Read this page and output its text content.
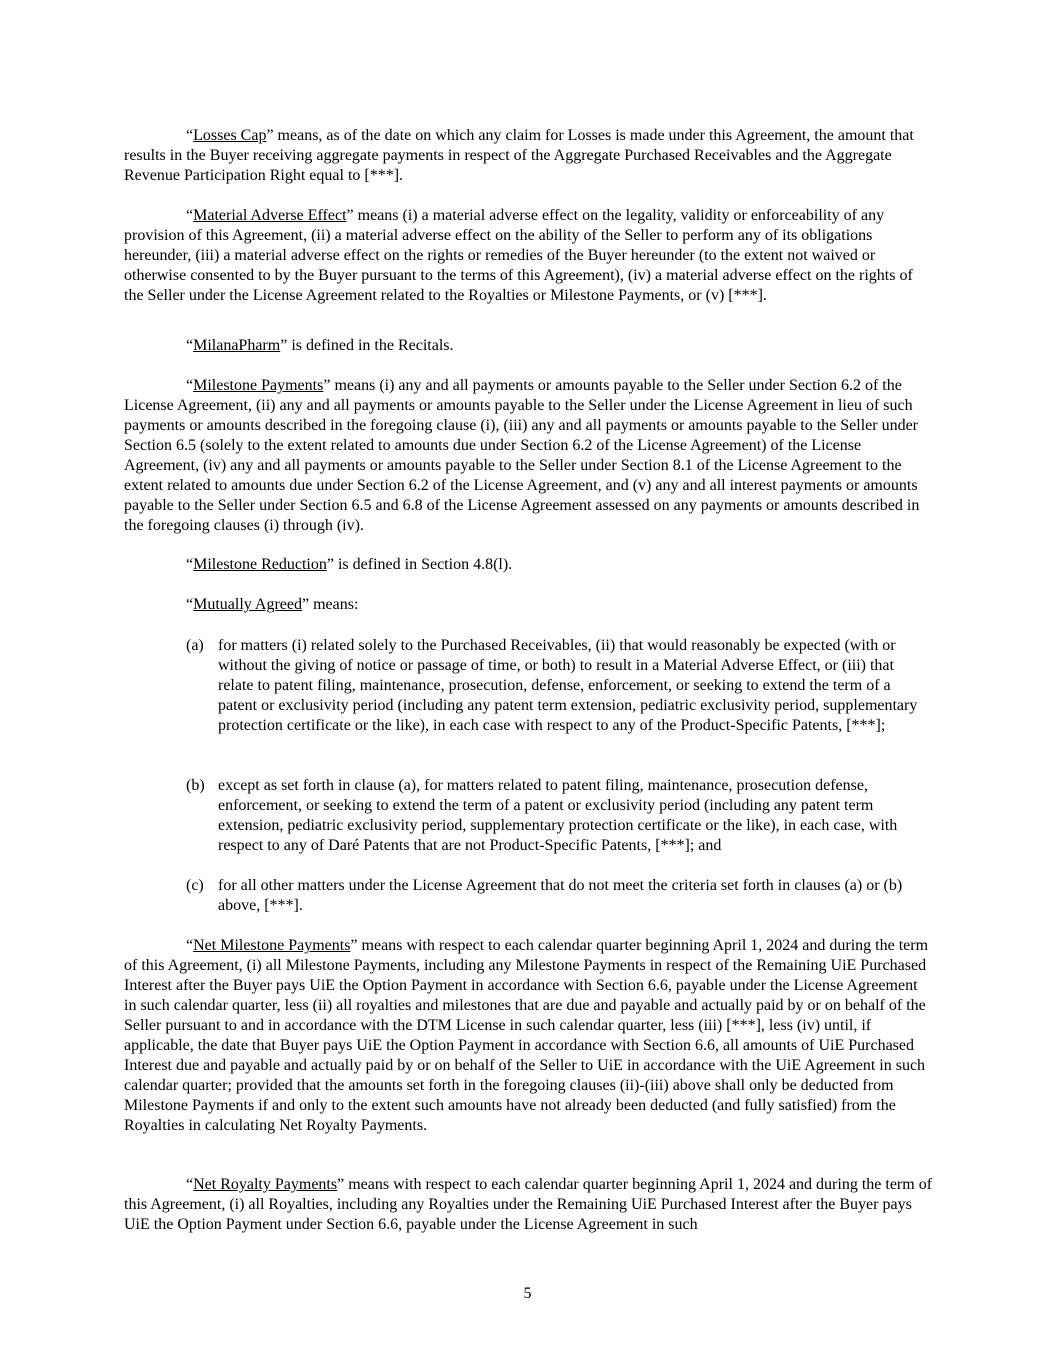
“Losses Cap” means, as of the date on which any claim for Losses is made under this Agreement, the amount that results in the Buyer receiving aggregate payments in respect of the Aggregate Purchased Receivables and the Aggregate Revenue Participation Right equal to [***].

“Material Adverse Effect” means (i) a material adverse effect on the legality, validity or enforceability of any provision of this Agreement, (ii) a material adverse effect on the ability of the Seller to perform any of its obligations hereunder, (iii) a material adverse effect on the rights or remedies of the Buyer hereunder (to the extent not waived or otherwise consented to by the Buyer pursuant to the terms of this Agreement), (iv) a material adverse effect on the rights of the Seller under the License Agreement related to the Royalties or Milestone Payments, or (v) [***].

“MilanaPharm” is defined in the Recitals.

“Milestone Payments” means (i) any and all payments or amounts payable to the Seller under Section 6.2 of the License Agreement, (ii) any and all payments or amounts payable to the Seller under the License Agreement in lieu of such payments or amounts described in the foregoing clause (i), (iii) any and all payments or amounts payable to the Seller under Section 6.5 (solely to the extent related to amounts due under Section 6.2 of the License Agreement) of the License Agreement, (iv) any and all payments or amounts payable to the Seller under Section 8.1 of the License Agreement to the extent related to amounts due under Section 6.2 of the License Agreement, and (v) any and all interest payments or amounts payable to the Seller under Section 6.5 and 6.8 of the License Agreement assessed on any payments or amounts described in the foregoing clauses (i) through (iv).

“Milestone Reduction” is defined in Section 4.8(l).

“Mutually Agreed” means:

(a) for matters (i) related solely to the Purchased Receivables, (ii) that would reasonably be expected (with or without the giving of notice or passage of time, or both) to result in a Material Adverse Effect, or (iii) that relate to patent filing, maintenance, prosecution, defense, enforcement, or seeking to extend the term of a patent or exclusivity period (including any patent term extension, pediatric exclusivity period, supplementary protection certificate or the like), in each case with respect to any of the Product-Specific Patents, [***];
(b) except as set forth in clause (a), for matters related to patent filing, maintenance, prosecution defense, enforcement, or seeking to extend the term of a patent or exclusivity period (including any patent term extension, pediatric exclusivity period, supplementary protection certificate or the like), in each case, with respect to any of Daré Patents that are not Product-Specific Patents, [***]; and
(c) for all other matters under the License Agreement that do not meet the criteria set forth in clauses (a) or (b) above, [***].

“Net Milestone Payments” means with respect to each calendar quarter beginning April 1, 2024 and during the term of this Agreement, (i) all Milestone Payments, including any Milestone Payments in respect of the Remaining UiE Purchased Interest after the Buyer pays UiE the Option Payment in accordance with Section 6.6, payable under the License Agreement in such calendar quarter, less (ii) all royalties and milestones that are due and payable and actually paid by or on behalf of the Seller pursuant to and in accordance with the DTM License in such calendar quarter, less (iii) [***], less (iv) until, if applicable, the date that Buyer pays UiE the Option Payment in accordance with Section 6.6, all amounts of UiE Purchased Interest due and payable and actually paid by or on behalf of the Seller to UiE in accordance with the UiE Agreement in such calendar quarter; provided that the amounts set forth in the foregoing clauses (ii)-(iii) above shall only be deducted from Milestone Payments if and only to the extent such amounts have not already been deducted (and fully satisfied) from the Royalties in calculating Net Royalty Payments.

“Net Royalty Payments” means with respect to each calendar quarter beginning April 1, 2024 and during the term of this Agreement, (i) all Royalties, including any Royalties under the Remaining UiE Purchased Interest after the Buyer pays UiE the Option Payment under Section 6.6, payable under the License Agreement in such

5
